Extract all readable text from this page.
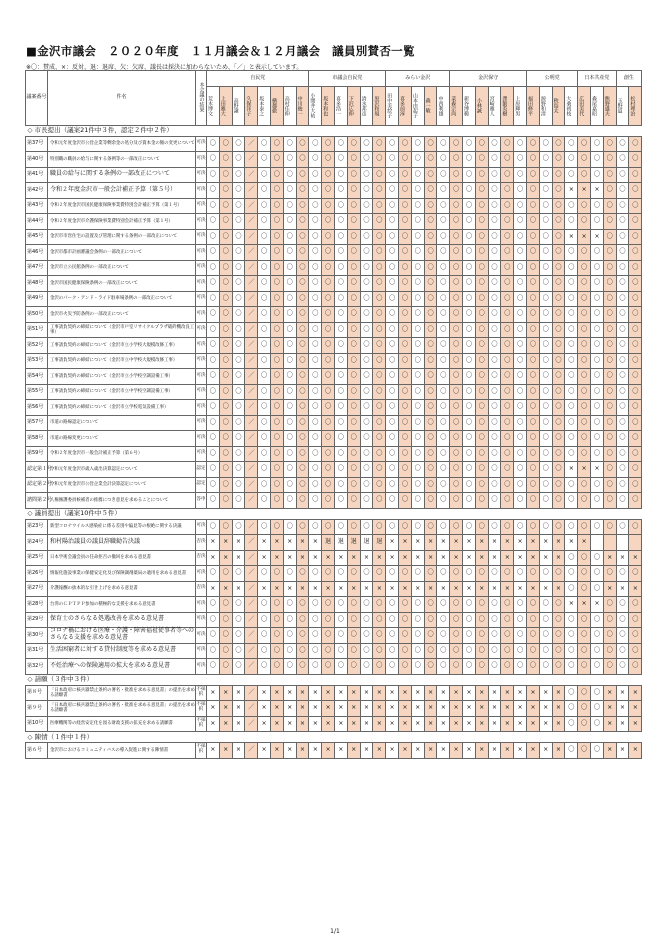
■金沢市議会　２０２０年度　１１月議会＆１２月議会　議員別賛否一覧
※〇：賛成、×：反対、退：退席、欠：欠席、議長は採決に加わらないため、「／」と表示しています。
議案番号	件名	本会議の結果	自民党								市議会自民党						みらい金沢					金沢保守						公明党				日本共産党			創生	

			荒木博文	上田雅大	高野譲	久保洋子	坂本泰之	横越徹	高村佳伸	中川俊一	小間井大祐	坂本和也	喜多浩一	下沢広伸	清水邦彦	黒沢和規	田中美絵子	喜多前淳	山本由起子	森一敏	中西利雄	菜森宗尚	新谷博範	小林誠	宮崎雅人	澤飯英樹	上原輝男	福田修平	源野和清	秋島太	大桑初枝	広田美代	森尾嘉昭	熊野盛夫	玉野道	松村理治	

◇ 市長提出（議案21件中３件，認定２件中２件）																																					
第37号	令和元年度金沢市公営企業等剰余金の処分及び資本金の額の変更について	可決	〇	〇	〇	／	〇	〇	〇	〇	〇	〇	〇	〇	〇	〇	〇	〇	〇	〇	〇	〇	〇	〇	〇	〇	〇	〇	〇	〇	〇	〇	〇	〇	〇	〇	
第40号	特別職の職員の給与に関する条例等の一部改正について	可決	〇	〇	〇	／	〇	〇	〇	〇	〇	〇	〇	〇	〇	〇	〇	〇	〇	〇	〇	〇	〇	〇	〇	〇	〇	〇	〇	〇	〇	〇	〇	〇	〇	〇	
第41号	職員の給与に関する条例の一部改正について	可決	〇	〇	〇	／	〇	〇	〇	〇	〇	〇	〇	〇	〇	〇	〇	〇	〇	〇	〇	〇	〇	〇	〇	〇	〇	〇	〇	〇	〇	〇	〇	〇	〇	〇	
第42号	令和２年度金沢市一般会計補正予算（第５号）	可決	〇	〇	〇	／	〇	〇	〇	〇	〇	〇	〇	〇	〇	〇	〇	〇	〇	〇	〇	〇	〇	〇	〇	〇	〇	〇	〇	〇	×	×	×	〇	〇	〇	
第43号	令和２年度金沢市国民健康保険事業費特別会計補正予算（第１号）	可決	〇	〇	〇	／	〇	〇	〇	〇	〇	〇	〇	〇	〇	〇	〇	〇	〇	〇	〇	〇	〇	〇	〇	〇	〇	〇	〇	〇	〇	〇	〇	〇	〇	〇	
第44号	令和２年度金沢市介護保険事業費特別会計補正予算（第１号）	可決	〇	〇	〇	／	〇	〇	〇	〇	〇	〇	〇	〇	〇	〇	〇	〇	〇	〇	〇	〇	〇	〇	〇	〇	〇	〇	〇	〇	〇	〇	〇	〇	〇	〇	
第45号	金沢市市営住宅の設置及び管理に関する条例の一部改正について	可決	〇	〇	〇	／	〇	〇	〇	〇	〇	〇	〇	〇	〇	〇	〇	〇	〇	〇	〇	〇	〇	〇	〇	〇	〇	〇	〇	〇	×	×	×	〇	〇	〇	
第46号	金沢市都市計画審議会条例の一部改正について	可決	〇	〇	〇	／	〇	〇	〇	〇	〇	〇	〇	〇	〇	〇	〇	〇	〇	〇	〇	〇	〇	〇	〇	〇	〇	〇	〇	〇	〇	〇	〇	〇	〇	〇	
第47号	金沢市立公民館条例の一部改正について	可決	〇	〇	〇	／	〇	〇	〇	〇	〇	〇	〇	〇	〇	〇	〇	〇	〇	〇	〇	〇	〇	〇	〇	〇	〇	〇	〇	〇	〇	〇	〇	〇	〇	〇	
第48号	金沢市国民健康保険条例の一部改正について	可決	〇	〇	〇	／	〇	〇	〇	〇	〇	〇	〇	〇	〇	〇	〇	〇	〇	〇	〇	〇	〇	〇	〇	〇	〇	〇	〇	〇	〇	〇	〇	〇	〇	〇	
第49号	金沢のパーク・アンド・ライド駐車場条例の一部改正について	可決	〇	〇	〇	／	〇	〇	〇	〇	〇	〇	〇	〇	〇	〇	〇	〇	〇	〇	〇	〇	〇	〇	〇	〇	〇	〇	〇	〇	〇	〇	〇	〇	〇	〇	
第50号	金沢市火災予防条例の一部改正について	可決	〇	〇	〇	／	〇	〇	〇	〇	〇	〇	〇	〇	〇	〇	〇	〇	〇	〇	〇	〇	〇	〇	〇	〇	〇	〇	〇	〇	〇	〇	〇	〇	〇	〇	
第51号	工事請負契約の締結について（金沢市戸室リサイクルプラザ破砕機改良工事）	可決	〇	〇	〇	／	〇	〇	〇	〇	〇	〇	〇	〇	〇	〇	〇	〇	〇	〇	〇	〇	〇	〇	〇	〇	〇	〇	〇	〇	〇	〇	〇	〇	〇	〇	
第52号	工事請負契約の締結について（金沢市立小学校大規模改修工事）	可決	〇	〇	〇	／	〇	〇	〇	〇	〇	〇	〇	〇	〇	〇	〇	〇	〇	〇	〇	〇	〇	〇	〇	〇	〇	〇	〇	〇	〇	〇	〇	〇	〇	〇	
第53号	工事請負契約の締結について（金沢市立中学校大規模改修工事）	可決	〇	〇	〇	／	〇	〇	〇	〇	〇	〇	〇	〇	〇	〇	〇	〇	〇	〇	〇	〇	〇	〇	〇	〇	〇	〇	〇	〇	〇	〇	〇	〇	〇	〇	
第54号	工事請負契約の締結について（金沢市立小学校空調設備工事）	可決	〇	〇	〇	／	〇	〇	〇	〇	〇	〇	〇	〇	〇	〇	〇	〇	〇	〇	〇	〇	〇	〇	〇	〇	〇	〇	〇	〇	〇	〇	〇	〇	〇	〇	
第55号	工事請負契約の締結について（金沢市立中学校空調設備工事）	可決	〇	〇	〇	／	〇	〇	〇	〇	〇	〇	〇	〇	〇	〇	〇	〇	〇	〇	〇	〇	〇	〇	〇	〇	〇	〇	〇	〇	〇	〇	〇	〇	〇	〇	
第56号	工事請負契約の締結について（金沢市立学校電気設備工事）	可決	〇	〇	〇	／	〇	〇	〇	〇	〇	〇	〇	〇	〇	〇	〇	〇	〇	〇	〇	〇	〇	〇	〇	〇	〇	〇	〇	〇	〇	〇	〇	〇	〇	〇	
第57号	市道の路線認定について	可決	〇	〇	〇	／	〇	〇	〇	〇	〇	〇	〇	〇	〇	〇	〇	〇	〇	〇	〇	〇	〇	〇	〇	〇	〇	〇	〇	〇	〇	〇	〇	〇	〇	〇	
第58号	市道の路線変更について	可決	〇	〇	〇	／	〇	〇	〇	〇	〇	〇	〇	〇	〇	〇	〇	〇	〇	〇	〇	〇	〇	〇	〇	〇	〇	〇	〇	〇	〇	〇	〇	〇	〇	〇	
第59号	令和２年度金沢市一般会計補正予算（第６号）	可決	〇	〇	〇	／	〇	〇	〇	〇	〇	〇	〇	〇	〇	〇	〇	〇	〇	〇	〇	〇	〇	〇	〇	〇	〇	〇	〇	〇	〇	〇	〇	〇	〇	〇	
認定第１号	令和元年度金沢市歳入歳出決算認定について	認定	〇	〇	〇	／	〇	〇	〇	〇	〇	〇	〇	〇	〇	〇	〇	〇	〇	〇	〇	〇	〇	〇	〇	〇	〇	〇	〇	〇	×	×	×	〇	〇	〇	
認定第２号	令和元年度金沢市公営企業会計決算認定について	認定	〇	〇	〇	／	〇	〇	〇	〇	〇	〇	〇	〇	〇	〇	〇	〇	〇	〇	〇	〇	〇	〇	〇	〇	〇	〇	〇	〇	〇	〇	〇	〇	〇	〇	
諮問第２号	人権擁護委員候補者の推薦につき意見を求めることについて	答申	〇	〇	〇	／	〇	〇	〇	〇	〇	〇	〇	〇	〇	〇	〇	〇	〇	〇	〇	〇	〇	〇	〇	〇	〇	〇	〇	〇	〇	〇	〇	〇	〇	〇	
◇ 議員提出（議案10件中５件）																																					
第23号	新型コロナウイルス感染症に係る差別や偏見等の根絶に関する決議	可決	〇	〇	〇	／	〇	〇	〇	〇	〇	〇	〇	〇	〇	〇	〇	〇	〇	〇	〇	〇	〇	〇	〇	〇	〇	〇	〇	〇	〇	〇	〇	〇	〇	〇	
第24号	和村陽治議員の議員辞職勧告決議	否決	×	×	×	／	×	×	×	×	×	退	退	退	退	退	×	×	×	×	×	×	×	×	×	×	×	×	×	×	×	×					
第25号	日本学術会議会員の任命拒否の撤回を求める意見書	否決	×	×	×	／	×	×	×	×	×	×	×	×	×	×	×	×	×	×	×	×	×	×	×	×	×	×	×	×	〇	〇	〇	×	×	×	
第26号	情報化施設事業の保健安定化及び保険調剤薬局の適用を求める意見書	可決	〇	〇	〇	／	〇	〇	〇	〇	〇	〇	〇	〇	〇	〇	〇	〇	〇	〇	〇	〇	〇	〇	〇	〇	〇	〇	〇	〇	〇	〇	〇	〇	〇	〇	
第27号	介護報酬の抜本的な引き上げを求める意見書	否決	×	×	×	／	×	×	×	×	×	×	×	×	×	×	×	×	×	×	×	×	×	×	×	×	×	×	×	×	〇	〇	〇	×	×	×	
第28号	台湾のＣＰＴＰＰ参加の積極的な支援を求める意見書	可決	〇	〇	〇	／	〇	〇	〇	〇	〇	〇	〇	〇	〇	〇	〇	〇	〇	〇	〇	〇	〇	〇	〇	〇	〇	〇	〇	〇	×	×	×	〇	〇	〇	
第29号	保育士のさらなる処遇改善を求める意見書	可決	〇	〇	〇	／	〇	〇	〇	〇	〇	〇	〇	〇	〇	〇	〇	〇	〇	〇	〇	〇	〇	〇	〇	〇	〇	〇	〇	〇	〇	〇	〇	〇	〇	〇	
第30号	コロナ禍における医療・介護・障害福祉従事者等へのさらなる支援を求める意見書	可決	〇	〇	〇	／	〇	〇	〇	〇	〇	〇	〇	〇	〇	〇	〇	〇	〇	〇	〇	〇	〇	〇	〇	〇	〇	〇	〇	〇	〇	〇	〇	〇	〇	〇	
第31号	生活困窮者に対する貸付制度等を求める意見書	可決	〇	〇	〇	／	〇	〇	〇	〇	〇	〇	〇	〇	〇	〇	〇	〇	〇	〇	〇	〇	〇	〇	〇	〇	〇	〇	〇	〇	〇	〇	〇	〇	〇	〇	
第32号	不妊治療への保険適用の拡大を求める意見書	可決	〇	〇	〇	／	〇	〇	〇	〇	〇	〇	〇	〇	〇	〇	〇	〇	〇	〇	〇	〇	〇	〇	〇	〇	〇	〇	〇	〇	〇	〇	〇	〇	〇	〇	
◇ 請願（３件中３件）																																					
第８号	「日本政府に核兵器禁止条約の署名・批准を求める意見書」の提出を求める請願書	不採択	×	×	×	／	×	×	×	×	×	×	×	×	×	×	×	×	×	×	×	×	×	×	×	×	×	×	×	×	〇	〇	〇	×	×	×	
第９号	「日本政府に核兵器禁止条約の署名・批准を求める意見書」の提出を求める請願書	不採択	×	×	×	／	×	×	×	×	×	×	×	×	×	×	×	×	×	×	×	×	×	×	×	×	×	×	×	×	〇	〇	〇	×	×	×	
第10号	医療機関等の経営安定化を図る財政支援の拡充を求める請願書	不採択	×	×	×	／	×	×	×	×	×	×	×	×	×	×	×	×	×	×	×	×	×	×	×	×	×	×	×	×	〇	〇	〇	×	×	×	
◇ 陳情（１件中１件）																																					
第６号	金沢市におけるコミュニティバスの導入促進に関する陳情書	不採択	×	×	×	／	×	×	×	×	×	×	×	×	×	×	×	×	×	×	×	×	×	×	×	×	×	×	×	×	〇	〇	〇	×	×	×	
1/1
